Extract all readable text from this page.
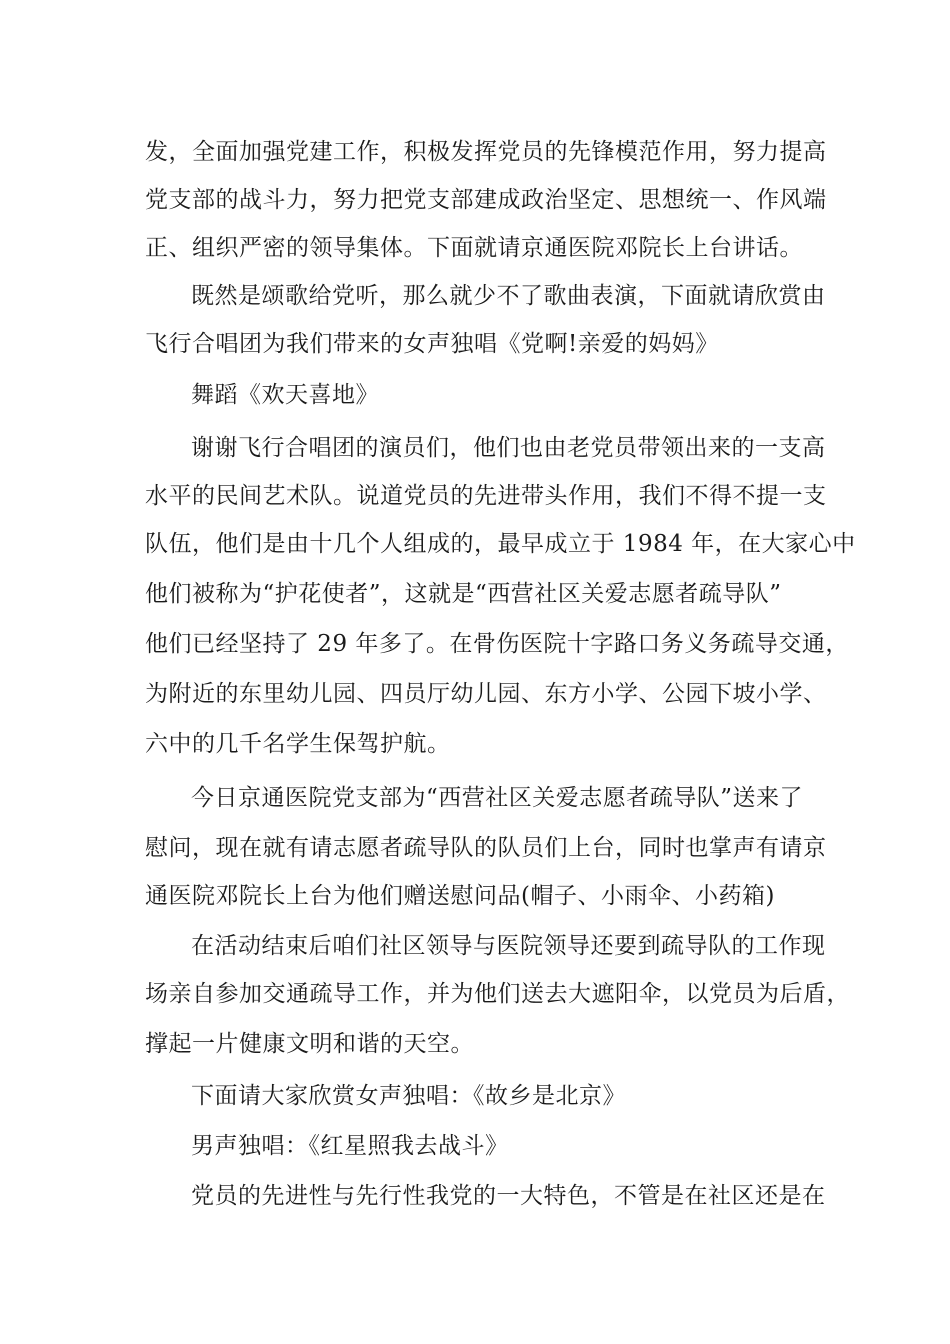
发，全面加强党建工作，积极发挥党员的先锋模范作用，努力提高

党支部的战斗力，努力把党支部建成政治坚定、思想统一、作风端

正、组织严密的领导集体。下面就请京通医院邓院长上台讲话。

既然是颂歌给党听，那么就少不了歌曲表演，下面就请欣赏由

飞行合唱团为我们带来的女声独唱《党啊!亲爱的妈妈》

舞蹈《欢天喜地》

谢谢飞行合唱团的演员们，他们也由老党员带领出来的一支高

水平的民间艺术队。说道党员的先进带头作用，我们不得不提一支

队伍，他们是由十几个人组成的，最早成立于 1984 年，在大家心中

他们被称为“护花使者”，这就是“西营社区关爱志愿者疏导队”

他们已经坚持了 29 年多了。在骨伤医院十字路口务义务疏导交通，

为附近的东里幼儿园、四员厅幼儿园、东方小学、公园下坡小学、

六中的几千名学生保驾护航。

今日京通医院党支部为“西营社区关爱志愿者疏导队”送来了

慰问，现在就有请志愿者疏导队的队员们上台，同时也掌声有请京

通医院邓院长上台为他们赠送慰问品(帽子、小雨伞、小药箱)

在活动结束后咱们社区领导与医院领导还要到疏导队的工作现

场亲自参加交通疏导工作，并为他们送去大遮阳伞，以党员为后盾，

撑起一片健康文明和谐的天空。

下面请大家欣赏女声独唱：《故乡是北京》

男声独唱：《红星照我去战斗》

党员的先进性与先行性我党的一大特色，不管是在社区还是在
